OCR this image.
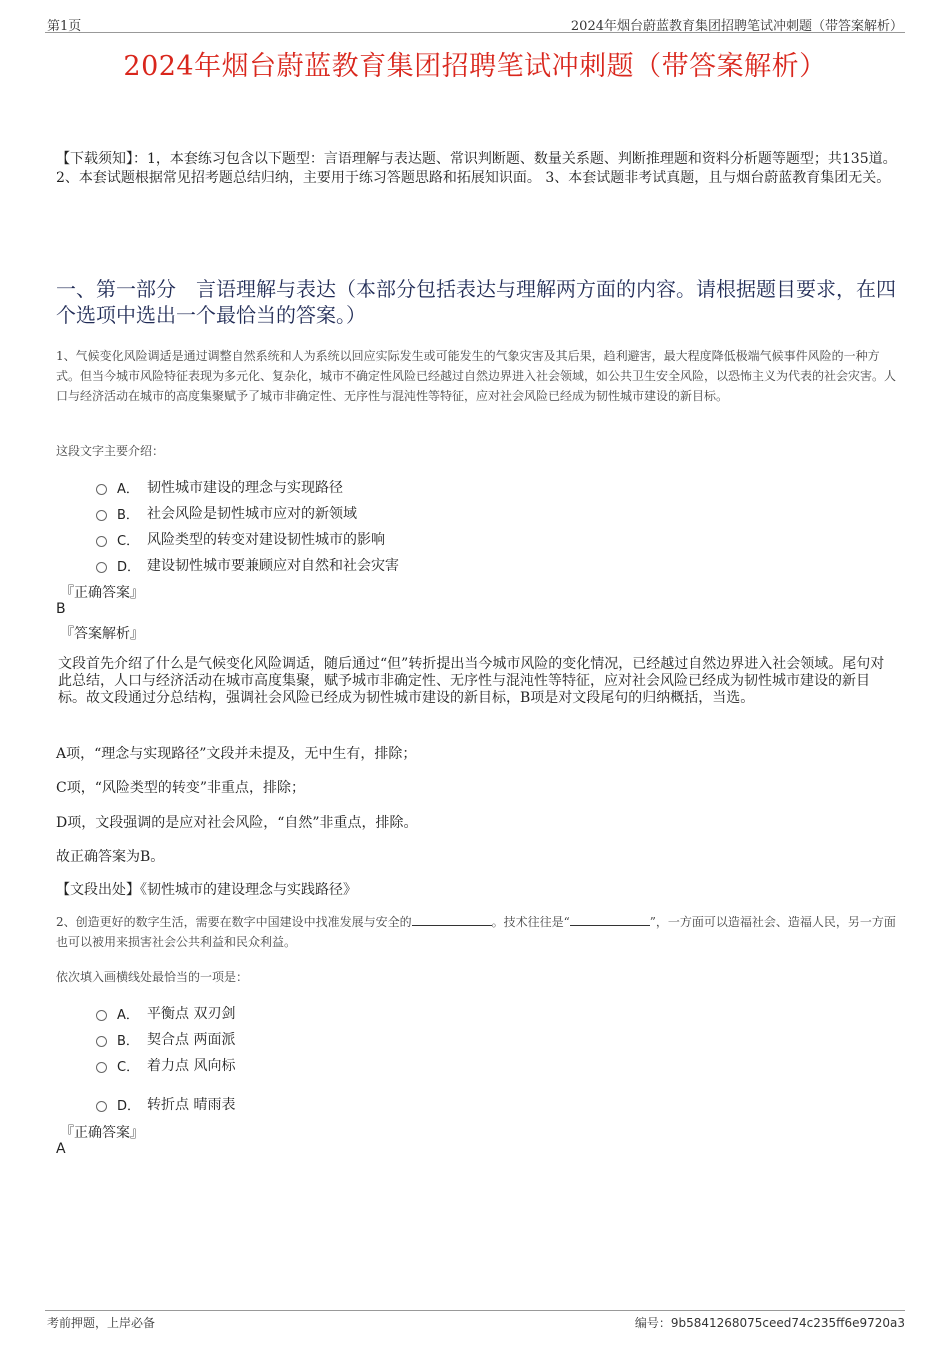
第1页	2024年烟台蔚蓝教育集团招聘笔试冲刺题（带答案解析）
2024年烟台蔚蓝教育集团招聘笔试冲刺题（带答案解析）
【下载须知】：1，本套练习包含以下题型：言语理解与表达题、常识判断题、数量关系题、判断推理题和资料分析题等题型；共135道。 2、本套试题根据常见招考题总结归纳，主要用于练习答题思路和拓展知识面。 3、本套试题非考试真题，且与烟台蔚蓝教育集团无关。
一、第一部分　言语理解与表达（本部分包括表达与理解两方面的内容。请根据题目要求，在四个选项中选出一个最恰当的答案。）
1、气候变化风险调适是通过调整自然系统和人为系统以回应实际发生或可能发生的气象灾害及其后果，趋利避害，最大程度降低极端气候事件风险的一种方式。但当今城市风险特征表现为多元化、复杂化，城市不确定性风险已经越过自然边界进入社会领域，如公共卫生安全风险，以恐怖主义为代表的社会灾害。人口与经济活动在城市的高度集聚赋予了城市非确定性、无序性与混沌性等特征，应对社会风险已经成为韧性城市建设的新目标。
这段文字主要介绍：
A． 韧性城市建设的理念与实现路径
B． 社会风险是韧性城市应对的新领域
C． 风险类型的转变对建设韧性城市的影响
D． 建设韧性城市要兼顾应对自然和社会灾害
『正确答案』
B
『答案解析』
文段首先介绍了什么是气候变化风险调适，随后通过“但”转折提出当今城市风险的变化情况，已经越过自然边界进入社会领域。尾句对此总结，人口与经济活动在城市高度集聚，赋予城市非确定性、无序性与混沌性等特征，应对社会风险已经成为韧性城市建设的新目标。故文段通过分总结构，强调社会风险已经成为韧性城市建设的新目标，B项是对文段尾句的归纳概括，当选。
A项，“理念与实现路径”文段并未提及，无中生有，排除；
C项，“风险类型的转变”非重点，排除；
D项，文段强调的是应对社会风险，“自然”非重点，排除。
故正确答案为B。
【文段出处】《韧性城市的建设理念与实践路径》
2、创造更好的数字生活，需要在数字中国建设中找准发展与安全的	。技术往往是“	”，一方面可以造福社会、造福人民，另一方面也可以被用来损害社会公共利益和民众利益。
依次填入画横线处最恰当的一项是：
A． 平衡点 双刃剑
B． 契合点 两面派
C． 着力点 风向标
D． 转折点 晴雨表
『正确答案』
A
考前押题，上岸必备	编号：9b5841268075ceed74c235ff6e9720a3
